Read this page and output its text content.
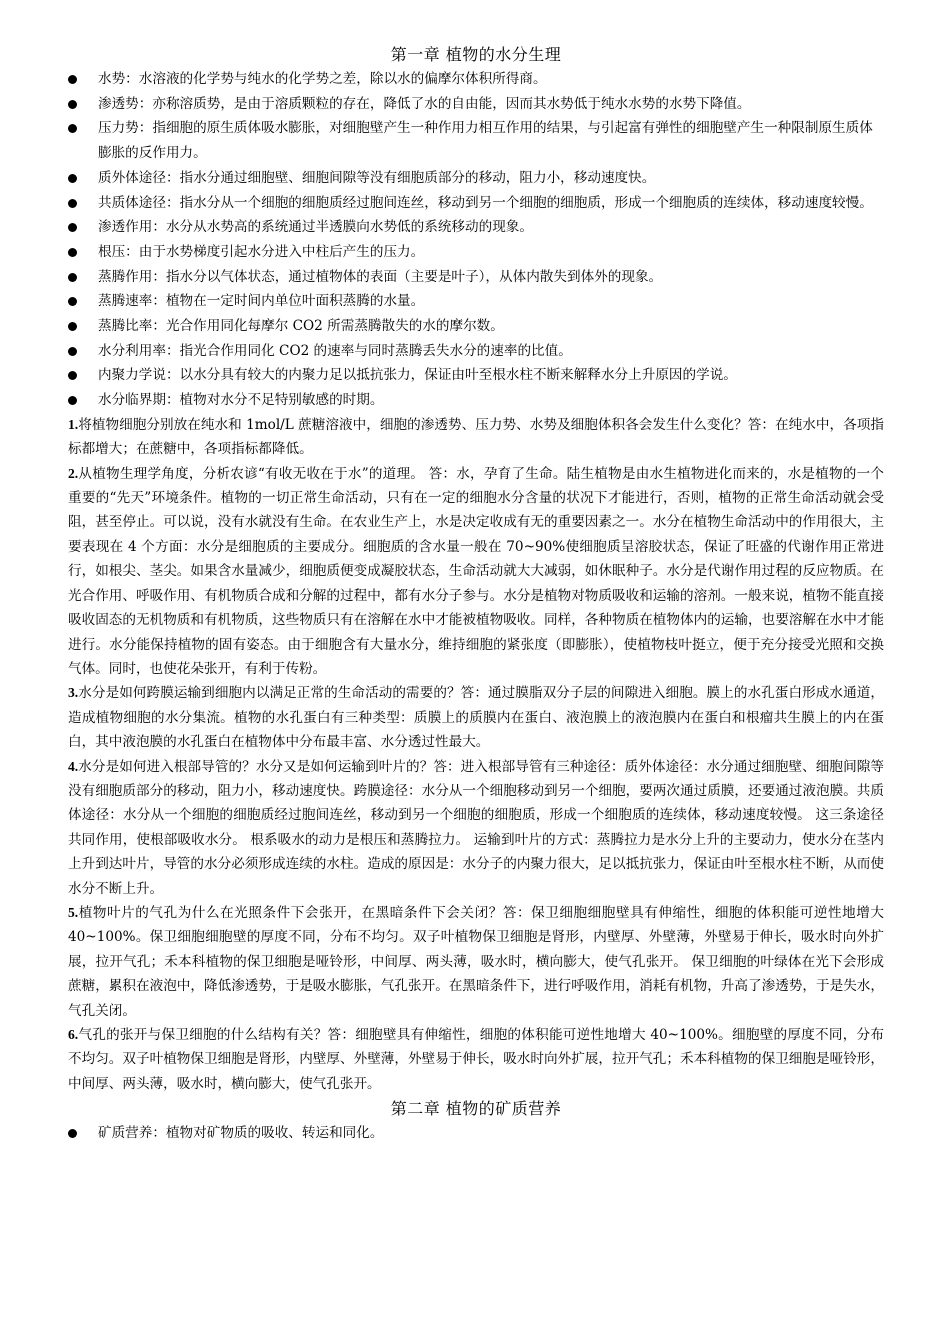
第一章 植物的水分生理
水势：水溶液的化学势与纯水的化学势之差，除以水的偏摩尔体积所得商。
渗透势：亦称溶质势，是由于溶质颗粒的存在，降低了水的自由能，因而其水势低于纯水水势的水势下降值。
压力势：指细胞的原生质体吸水膨胀，对细胞壁产生一种作用力相互作用的结果，与引起富有弹性的细胞壁产生一种限制原生质体膨胀的反作用力。
质外体途径：指水分通过细胞壁、细胞间隙等没有细胞质部分的移动，阻力小，移动速度快。
共质体途径：指水分从一个细胞的细胞质经过胞间连丝，移动到另一个细胞的细胞质，形成一个细胞质的连续体，移动速度较慢。
渗透作用：水分从水势高的系统通过半透膜向水势低的系统移动的现象。
根压：由于水势梯度引起水分进入中柱后产生的压力。
蒸腾作用：指水分以气体状态，通过植物体的表面（主要是叶子），从体内散失到体外的现象。
蒸腾速率：植物在一定时间内单位叶面积蒸腾的水量。
蒸腾比率：光合作用同化每摩尔 CO2 所需蒸腾散失的水的摩尔数。
水分利用率：指光合作用同化 CO2 的速率与同时蒸腾丢失水分的速率的比值。
内聚力学说：以水分具有较大的内聚力足以抵抗张力，保证由叶至根水柱不断来解释水分上升原因的学说。
水分临界期：植物对水分不足特别敏感的时期。
1.将植物细胞分别放在纯水和 1mol/L 蔗糖溶液中，细胞的渗透势、压力势、水势及细胞体积各会发生什么变化？答：在纯水中，各项指标都增大；在蔗糖中，各项指标都降低。
2.从植物生理学角度，分析农谚“有收无收在于水”的道理。 答：水，孕育了生命。陆生植物是由水生植物进化而来的，水是植物的一个重要的“先天”环境条件。植物的一切正常生命活动，只有在一定的细胞水分含量的状况下才能进行，否则，植物的正常生命活动就会受阻，甚至停止。可以说，没有水就没有生命。在农业生产上，水是决定收成有无的重要因素之一。水分在植物生命活动中的作用很大，主要表现在 4 个方面：水分是细胞质的主要成分。细胞质的含水量一般在 70~90%使细胞质呈溶胶状态，保证了旺盛的代谢作用正常进行，如根尖、茎尖。如果含水量减少，细胞质便变成凝胶状态，生命活动就大大减弱，如休眠种子。水分是代谢作用过程的反应物质。在光合作用、呼吸作用、有机物质合成和分解的过程中，都有水分子参与。水分是植物对物质吸收和运输的溶剂。一般来说，植物不能直接吸收固态的无机物质和有机物质，这些物质只有在溶解在水中才能被植物吸收。同样，各种物质在植物体内的运输，也要溶解在水中才能进行。水分能保持植物的固有姿态。由于细胞含有大量水分，维持细胞的紧张度（即膨胀），使植物枝叶挺立，便于充分接受光照和交换气体。同时，也使花朵张开，有利于传粉。
3.水分是如何跨膜运输到细胞内以满足正常的生命活动的需要的？答：通过膜脂双分子层的间隙进入细胞。膜上的水孔蛋白形成水通道，造成植物细胞的水分集流。植物的水孔蛋白有三种类型：质膜上的质膜内在蛋白、液泡膜上的液泡膜内在蛋白和根瘤共生膜上的内在蛋白，其中液泡膜的水孔蛋白在植物体中分布最丰富、水分透过性最大。
4.水分是如何进入根部导管的？水分又是如何运输到叶片的？答：进入根部导管有三种途径：质外体途径：水分通过细胞壁、细胞间隙等没有细胞质部分的移动，阻力小，移动速度快。跨膜途径：水分从一个细胞移动到另一个细胞，要两次通过质膜，还要通过液泡膜。共质体途径：水分从一个细胞的细胞质经过胞间连丝，移动到另一个细胞的细胞质，形成一个细胞质的连续体，移动速度较慢。 这三条途径共同作用，使根部吸收水分。 根系吸水的动力是根压和蒸腾拉力。 运输到叶片的方式：蒸腾拉力是水分上升的主要动力，使水分在茎内上升到达叶片，导管的水分必须形成连续的水柱。造成的原因是：水分子的内聚力很大，足以抵抗张力，保证由叶至根水柱不断，从而使水分不断上升。
5.植物叶片的气孔为什么在光照条件下会张开，在黑暗条件下会关闭？答：保卫细胞细胞壁具有伸缩性，细胞的体积能可逆性地增大 40~100%。保卫细胞细胞壁的厚度不同，分布不均匀。双子叶植物保卫细胞是肾形，内壁厚、外壁薄，外壁易于伸长，吸水时向外扩展，拉开气孔；禾本科植物的保卫细胞是哑铃形，中间厚、两头薄，吸水时，横向膨大，使气孔张开。 保卫细胞的叶绿体在光下会形成蔗糖，累积在液泡中，降低渗透势，于是吸水膨胀，气孔张开。在黑暗条件下，进行呼吸作用，消耗有机物，升高了渗透势，于是失水，气孔关闭。
6.气孔的张开与保卫细胞的什么结构有关？答：细胞壁具有伸缩性，细胞的体积能可逆性地增大 40~100%。细胞壁的厚度不同，分布不均匀。双子叶植物保卫细胞是肾形，内壁厚、外壁薄，外壁易于伸长，吸水时向外扩展，拉开气孔；禾本科植物的保卫细胞是哑铃形，中间厚、两头薄，吸水时，横向膨大，使气孔张开。
第二章 植物的矿质营养
矿质营养：植物对矿物质的吸收、转运和同化。
